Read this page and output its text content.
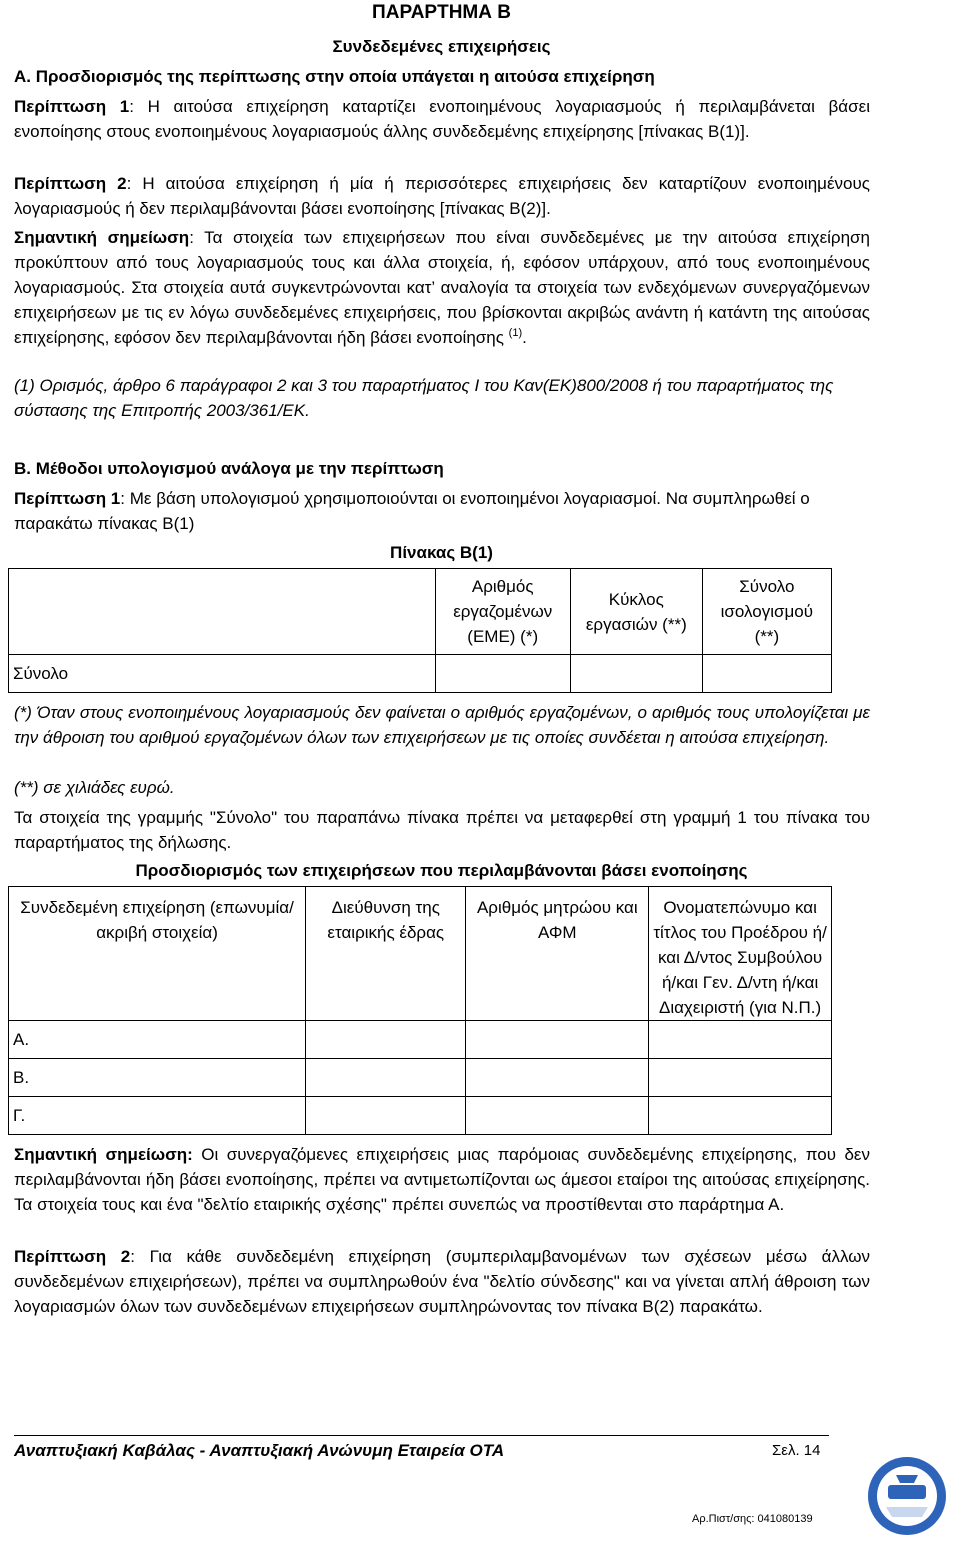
ΠΑΡΑΡΤΗΜΑ Β
Συνδεδεμένες επιχειρήσεις
Α. Προσδιορισμός της περίπτωσης στην οποία υπάγεται η αιτούσα επιχείρηση
Περίπτωση 1: Η αιτούσα επιχείρηση καταρτίζει ενοποιημένους λογαριασμούς ή περιλαμβάνεται βάσει ενοποίησης στους ενοποιημένους λογαριασμούς άλλης συνδεδεμένης επιχείρησης [πίνακας Β(1)].
Περίπτωση 2: Η αιτούσα επιχείρηση ή μία ή περισσότερες επιχειρήσεις δεν καταρτίζουν ενοποιημένους λογαριασμούς ή δεν περιλαμβάνονται βάσει ενοποίησης [πίνακας Β(2)].
Σημαντική σημείωση: Τα στοιχεία των επιχειρήσεων που είναι συνδεδεμένες με την αιτούσα επιχείρηση προκύπτουν από τους λογαριασμούς τους και άλλα στοιχεία, ή, εφόσον υπάρχουν, από τους ενοποιημένους λογαριασμούς. Στα στοιχεία αυτά συγκεντρώνονται κατ’ αναλογία τα στοιχεία των ενδεχόμενων συνεργαζόμενων επιχειρήσεων με τις εν λόγω συνδεδεμένες επιχειρήσεις, που βρίσκονται ακριβώς ανάντη ή κατάντη της αιτούσας επιχείρησης, εφόσον δεν περιλαμβάνονται ήδη βάσει ενοποίησης $^{(1)}$.
(1) Ορισμός, άρθρο 6 παράγραφοι 2 και 3 του παραρτήματος Ι του Καν(ΕΚ)800/2008 ή του παραρτήματος της σύστασης της Επιτροπής 2003/361/ΕΚ.
Β. Μέθοδοι υπολογισμού ανάλογα με την περίπτωση
Περίπτωση 1: Με βάση υπολογισμού χρησιμοποιούνται οι ενοποιημένοι λογαριασμοί. Να συμπληρωθεί ο παρακάτω πίνακας Β(1)
Πίνακας Β(1)
	Αριθμός εργαζομένων (ΕΜΕ) (*)	Κύκλος εργασιών (**)	Σύνολο ισολογισμού (**)
Σύνολο			
(*) Όταν στους ενοποιημένους λογαριασμούς δεν φαίνεται ο αριθμός εργαζομένων, ο αριθμός τους υπολογίζεται με την άθροιση του αριθμού εργαζομένων όλων των επιχειρήσεων με τις οποίες συνδέεται η αιτούσα επιχείρηση.
(**) σε χιλιάδες ευρώ.
Τα στοιχεία της γραμμής "Σύνολο" του παραπάνω πίνακα πρέπει να μεταφερθεί στη γραμμή 1 του πίνακα του παραρτήματος της δήλωσης.
Προσδιορισμός των επιχειρήσεων που περιλαμβάνονται βάσει ενοποίησης
Συνδεδεμένη επιχείρηση (επωνυμία/ακριβή στοιχεία)	Διεύθυνση της εταιρικής έδρας	Αριθμός μητρώου και ΑΦΜ	Ονοματεπώνυμο και τίτλος του Προέδρου ή/και Δ/ντος Συμβούλου ή/και Γεν. Δ/ντη ή/και Διαχειριστή (για Ν.Π.)
Α.			
Β.			
Γ.			
Σημαντική σημείωση: Οι συνεργαζόμενες επιχειρήσεις μιας παρόμοιας συνδεδεμένης επιχείρησης, που δεν περιλαμβάνονται ήδη βάσει ενοποίησης, πρέπει να αντιμετωπίζονται ως άμεσοι εταίροι της αιτούσας επιχείρησης. Τα στοιχεία τους και ένα "δελτίο εταιρικής σχέσης" πρέπει συνεπώς να προστίθενται στο παράρτημα Α.
Περίπτωση 2: Για κάθε συνδεδεμένη επιχείρηση (συμπεριλαμβανομένων των σχέσεων μέσω άλλων συνδεδεμένων επιχειρήσεων), πρέπει να συμπληρωθούν ένα "δελτίο σύνδεσης" και να γίνεται απλή άθροιση των λογαριασμών όλων των συνδεδεμένων επιχειρήσεων συμπληρώνοντας τον πίνακα Β(2) παρακάτω.
Αναπτυξιακή Καβάλας - Αναπτυξιακή Ανώνυμη Εταιρεία ΟΤΑ	Σελ. 14
Αρ.Πιστ/σης: 041080139
